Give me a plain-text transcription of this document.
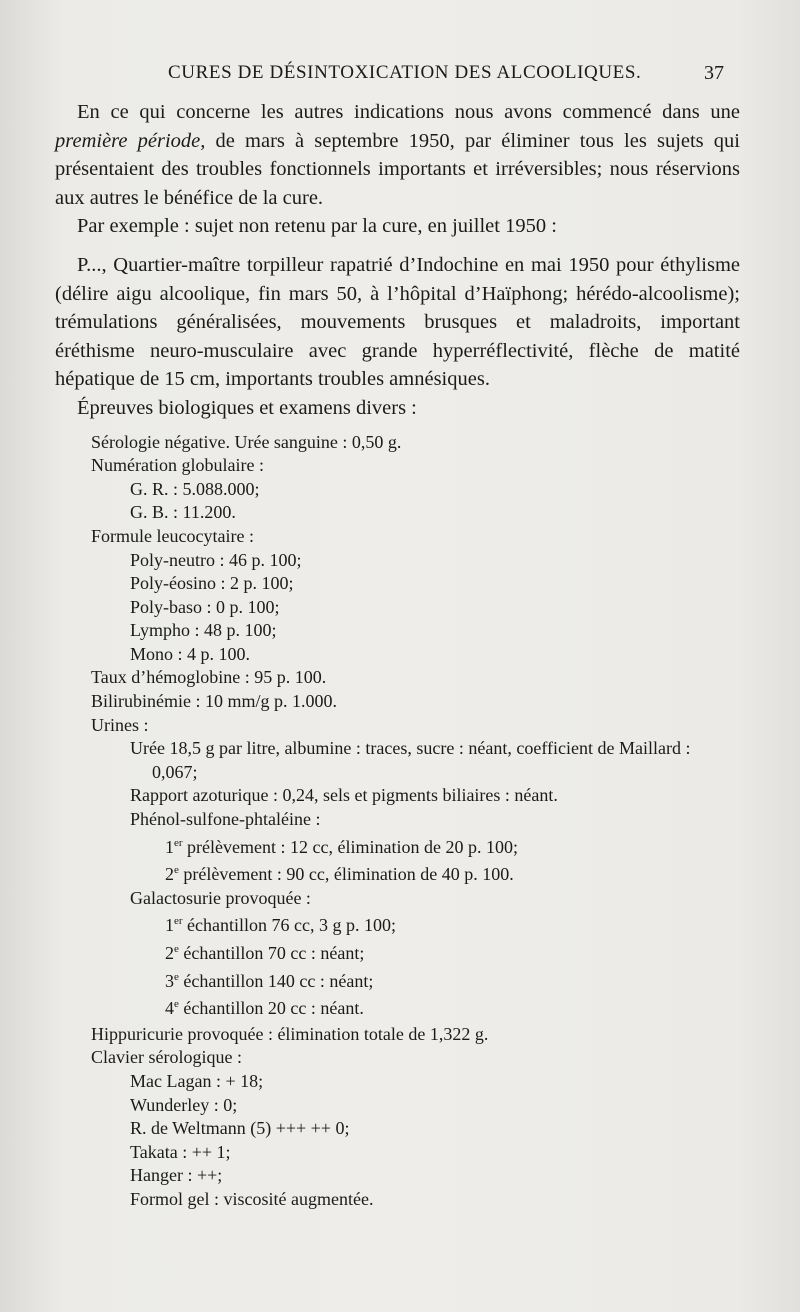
CURES DE DÉSINTOXICATION DES ALCOOLIQUES.	37

En ce qui concerne les autres indications nous avons commencé dans une première période, de mars à septembre 1950, par éliminer tous les sujets qui présentaient des troubles fonctionnels importants et irréversibles; nous réservions aux autres le bénéfice de la cure.

Par exemple : sujet non retenu par la cure, en juillet 1950 :

P..., Quartier-maître torpilleur rapatrié d’Indochine en mai 1950 pour éthylisme (délire aigu alcoolique, fin mars 50, à l’hôpital d’Haïphong; hérédo-alcoolisme); trémulations généralisées, mouvements brusques et maladroits, important éréthisme neuro-musculaire avec grande hyperréflectivité, flèche de matité hépatique de 15 cm, importants troubles amnésiques.

Épreuves biologiques et examens divers :

Sérologie négative. Urée sanguine : 0,50 g.
Numération globulaire :
G. R. : 5.088.000;
G. B. : 11.200.
Formule leucocytaire :
Poly-neutro : 46 p. 100;
Poly-éosino : 2 p. 100;
Poly-baso : 0 p. 100;
Lympho : 48 p. 100;
Mono : 4 p. 100.
Taux d’hémoglobine : 95 p. 100.
Bilirubinémie : 10 mm/g p. 1.000.
Urines :
Urée 18,5 g par litre, albumine : traces, sucre : néant, coefficient de Maillard :
0,067;
Rapport azoturique : 0,24, sels et pigments biliaires : néant.
Phénol-sulfone-phtaléine :
1er prélèvement : 12 cc, élimination de 20 p. 100;
2e prélèvement : 90 cc, élimination de 40 p. 100.
Galactosurie provoquée :
1er échantillon 76 cc, 3 g p. 100;
2e échantillon 70 cc : néant;
3e échantillon 140 cc : néant;
4e échantillon 20 cc : néant.
Hippuricurie provoquée : élimination totale de 1,322 g.
Clavier sérologique :
Mac Lagan : + 18;
Wunderley : 0;
R. de Weltmann (5) +++ ++ 0;
Takata : ++ 1;
Hanger : ++;
Formol gel : viscosité augmentée.
